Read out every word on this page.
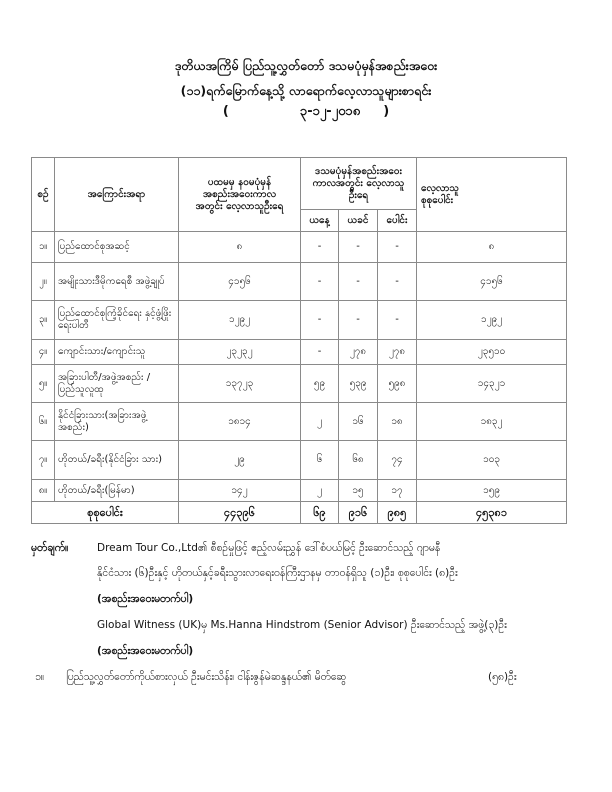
ဒုတိယအကြိမ် ပြည်သူ့လွှတ်တော် ဒသမပုံမှန်အစည်းအဝေး
(၁၁)ရက်မြောက်နေ့သို့ လာရောက်လေ့လာသူများစာရင်း
(	၃-၁၂-၂၀၁၈ )
စဉ်	အကြောင်းအရာ	ပထမမှ နဝမပုံမှန် အစည်းအဝေးကာလအတွင်း လေ့လာသူဦးရေ	ဒသမပုံမှန်အစည်းအဝေး ကာလအတွင်း လေ့လာသူဦးရေ			လေ့လာသူ စုစုပေါင်း
			ယနေ့	ယခင်	ပေါင်း	
၁။	ပြည်ထောင်စုအဆင့်	၈	-	-	-	၈
၂။	အမျိုးသားဒီမိုကရေစီ အဖွဲ့ချုပ်	၄၁၅၆	-	-	-	၄၁၅၆
၃။	ပြည်ထောင်စုကြံ့ခိုင်ရေး နှင့်ဖွံ့ဖြိုးရေးပါတီ	၁၂၉၂	-	-	-	၁၂၉၂
၄။	ကျောင်းသား/ကျောင်းသူ	၂၃၂၃၂	-	၂၇၈	၂၇၈	၂၃၅၁၀
၅။	အခြားပါတီ/အဖွဲ့အစည်း / ပြည်သူလူထု	၁၃၇၂၃	၅၉	၅၃၉	၅၉၈	၁၄၃၂၁
၆။	နိုင်ငံခြားသား(အခြားအဖွဲ့ အစည်း)	၁၈၁၄	၂	၁၆	၁၈	၁၈၃၂
၇။	ဟိုတယ်/ခရီး(နိုင်ငံခြား သား)	၂၉	၆	၆၈	၇၄	၁၀၃
၈။	ဟိုတယ်/ခရီး(မြန်မာ)	၁၄၂	၂	၁၅	၁၇	၁၅၉
စုစုပေါင်း		၄၄၃၉၆	၆၉	၉၁၆	၉၈၅	၄၅၃၈၁
မှတ်ချက်။	Dream Tour Co.,Ltd၏ စီစဉ်မှုဖြင့် ဧည့်လမ်းညွှန် ဒေါ်စံပယ်မြင့် ဦးဆောင်သည့် ဂျာမနီ
နိုင်ငံသား (၆)ဦးနှင့် ဟိုတယ်နှင့်ခရီးသွားလာရေးဝန်ကြီးဌာနမှ တာဝန်ရှိသူ (၁)ဦး၊ စုစုပေါင်း (၈)ဦး
(အစည်းအဝေးမတက်ပါ)
Global Witness (UK)မှ Ms.Hanna Hindstrom (Senior Advisor) ဦးဆောင်သည့် အဖွဲ့(၃)ဦး
(အစည်းအဝေးမတက်ပါ)
၁။ ပြည်သူ့လွှတ်တော်ကိုယ်စားလှယ် ဦးမင်းသိန်း၊ ငါန်းဇွန်မဲဆန္ဒနယ်၏ မိတ်ဆွေ	(၅၈)ဦး
